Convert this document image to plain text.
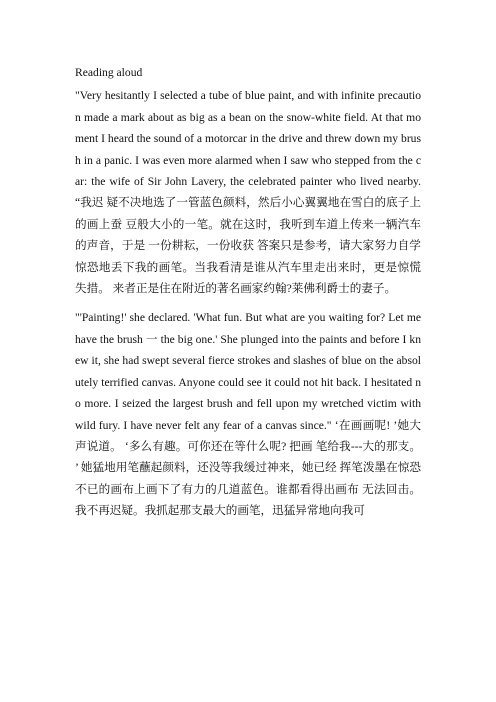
Reading aloud

"Very hesitantly I selected a tube of blue paint, and with infinite precaution made a mark about as big as a bean on the snow-white field. At that moment I heard the sound of a motorcar in the drive and threw down my brush in a panic. I was even more alarmed when I saw who stepped from the car: the wife of Sir John Lavery, the celebrated painter who lived nearby. “我迟 疑不决地选了一管蓝色颜料，然后小心翼翼地在雪白的底子上的画上蚕 豆般大小的一笔。就在这时，我听到车道上传来一辆汽车的声音，于是 一份耕耘，一份收获 答案只是参考，请大家努力自学 惊恐地丢下我的画笔。当我看清是谁从汽车里走出来时，更是惊慌失措。 来者正是住在附近的著名画家约翰?莱佛利爵士的妻子。

"'Painting!' she declared. 'What fun. But what are you waiting for? Let me have the brush 一 the big one.' She plunged into the paints and before I knew it, she had swept several fierce strokes and slashes of blue on the absolutely terrified canvas. Anyone could see it could not hit back. I hesitated no more. I seized the largest brush and fell upon my wretched victim with wild fury. I have never felt any fear of a canvas since." ‘在画画呢! ’她大声说道。 ‘多么有趣。可你还在等什么呢? 把画 笔给我---大的那支。 ’ 她猛地用笔蘸起颜料，还没等我缓过神来，她已经 挥笔泼墨在惊恐不已的画布上画下了有力的几道蓝色。谁都看得出画布 无法回击。我不再迟疑。我抓起那支最大的画笔，迅猛异常地向我可
